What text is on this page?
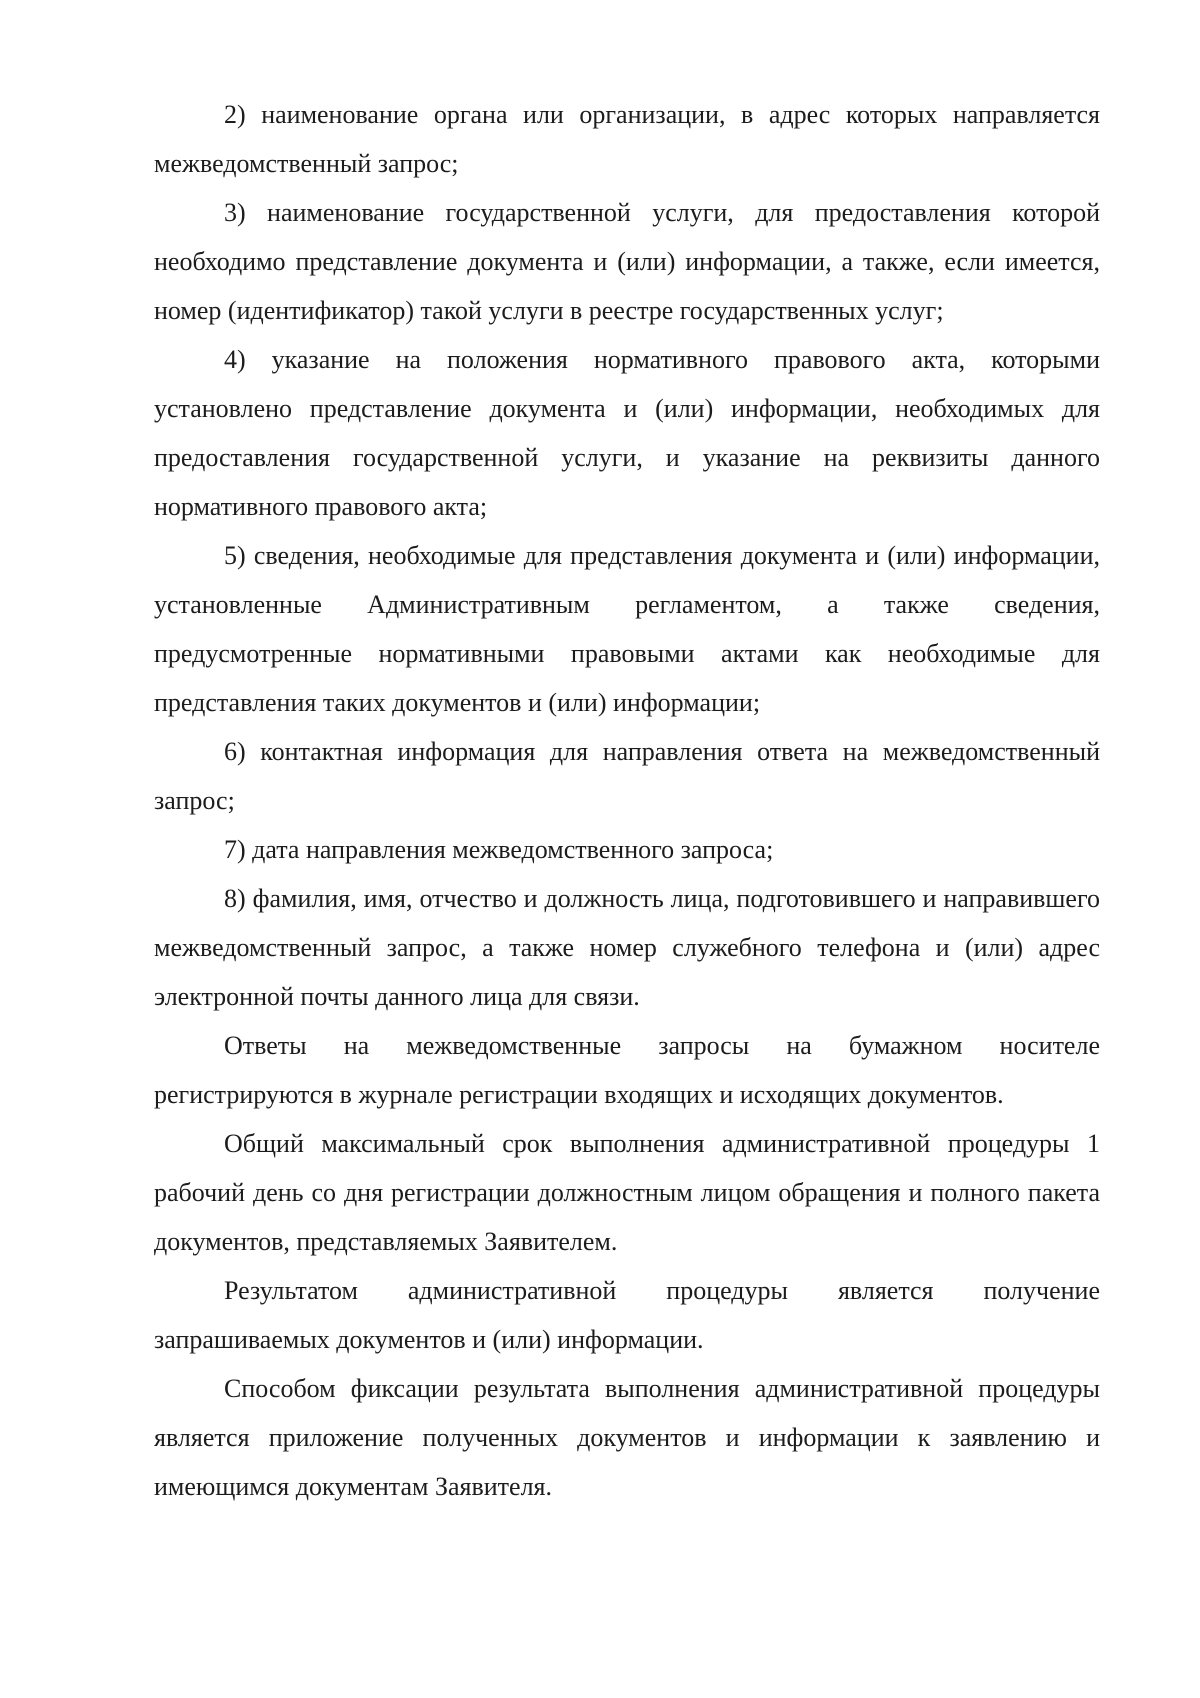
2) наименование органа или организации, в адрес которых направляется межведомственный запрос;

3) наименование государственной услуги, для предоставления которой необходимо представление документа и (или) информации, а также, если имеется, номер (идентификатор) такой услуги в реестре государственных услуг;

4) указание на положения нормативного правового акта, которыми установлено представление документа и (или) информации, необходимых для предоставления государственной услуги, и указание на реквизиты данного нормативного правового акта;

5) сведения, необходимые для представления документа и (или) информации, установленные Административным регламентом, а также сведения, предусмотренные нормативными правовыми актами как необходимые для представления таких документов и (или) информации;

6) контактная информация для направления ответа на межведомственный запрос;

7) дата направления межведомственного запроса;

8) фамилия, имя, отчество и должность лица, подготовившего и направившего межведомственный запрос, а также номер служебного телефона и (или) адрес электронной почты данного лица для связи.

Ответы на межведомственные запросы на бумажном носителе регистрируются в журнале регистрации входящих и исходящих документов.

Общий максимальный срок выполнения административной процедуры 1 рабочий день со дня регистрации должностным лицом обращения и полного пакета документов, представляемых Заявителем.

Результатом административной процедуры является получение запрашиваемых документов и (или) информации.

Способом фиксации результата выполнения административной процедуры является приложение полученных документов и информации к заявлению и имеющимся документам Заявителя.
